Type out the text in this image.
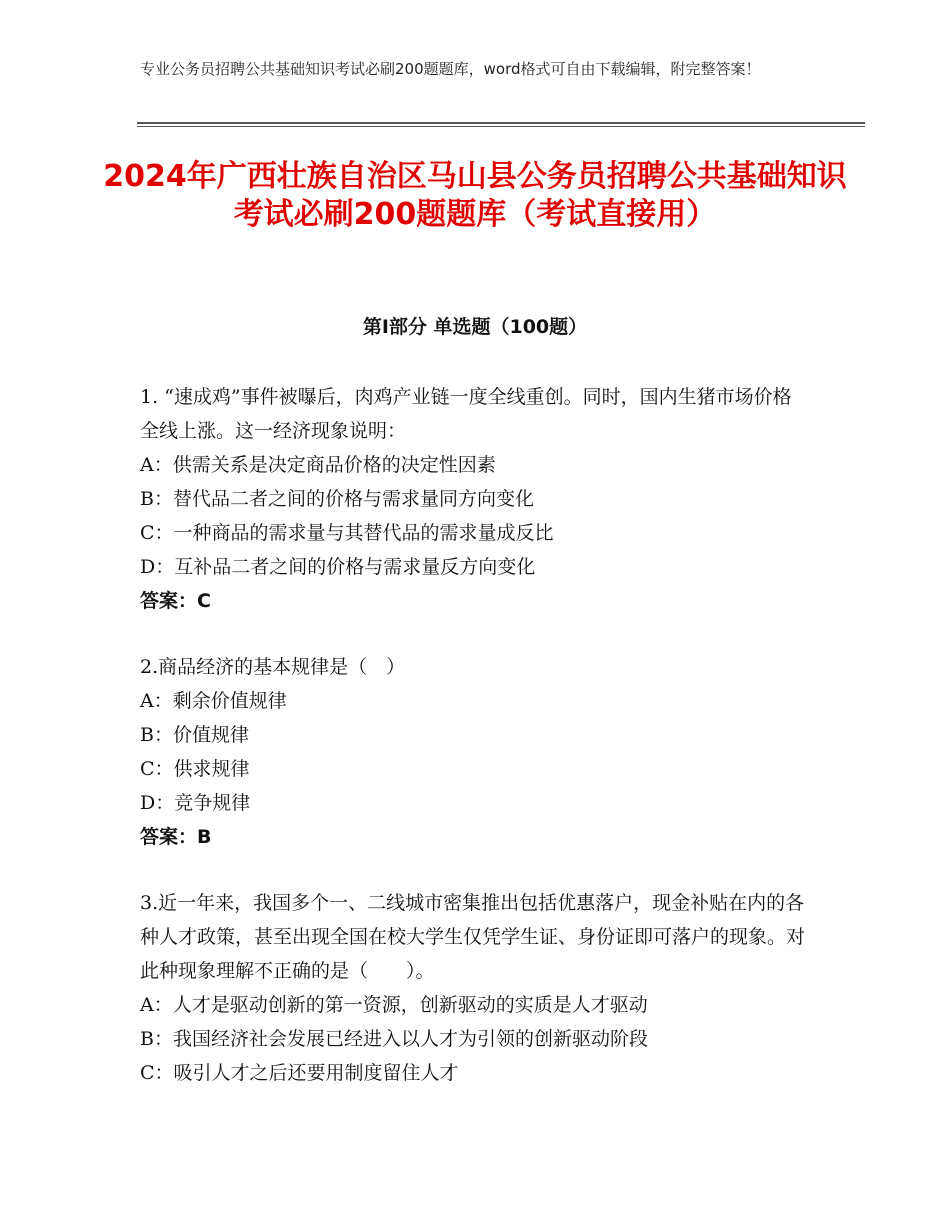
专业公务员招聘公共基础知识考试必刷200题题库，word格式可自由下载编辑，附完整答案！
2024年广西壮族自治区马山县公务员招聘公共基础知识考试必刷200题题库（考试直接用）
第Ⅰ部分 单选题（100题）

1. “速成鸡”事件被曝后，肉鸡产业链一度全线重创。同时，国内生猪市场价格全线上涨。这一经济现象说明：

A：供需关系是决定商品价格的决定性因素

B：替代品二者之间的价格与需求量同方向变化

C：一种商品的需求量与其替代品的需求量成反比

D：互补品二者之间的价格与需求量反方向变化

答案：C

2.商品经济的基本规律是（　）

A：剩余价值规律

B：价值规律

C：供求规律

D：竞争规律

答案：B

3.近一年来，我国多个一、二线城市密集推出包括优惠落户，现金补贴在内的各种人才政策，甚至出现全国在校大学生仅凭学生证、身份证即可落户的现象。对此种现象理解不正确的是（　　）。

A：人才是驱动创新的第一资源，创新驱动的实质是人才驱动

B：我国经济社会发展已经进入以人才为引领的创新驱动阶段

C：吸引人才之后还要用制度留住人才
